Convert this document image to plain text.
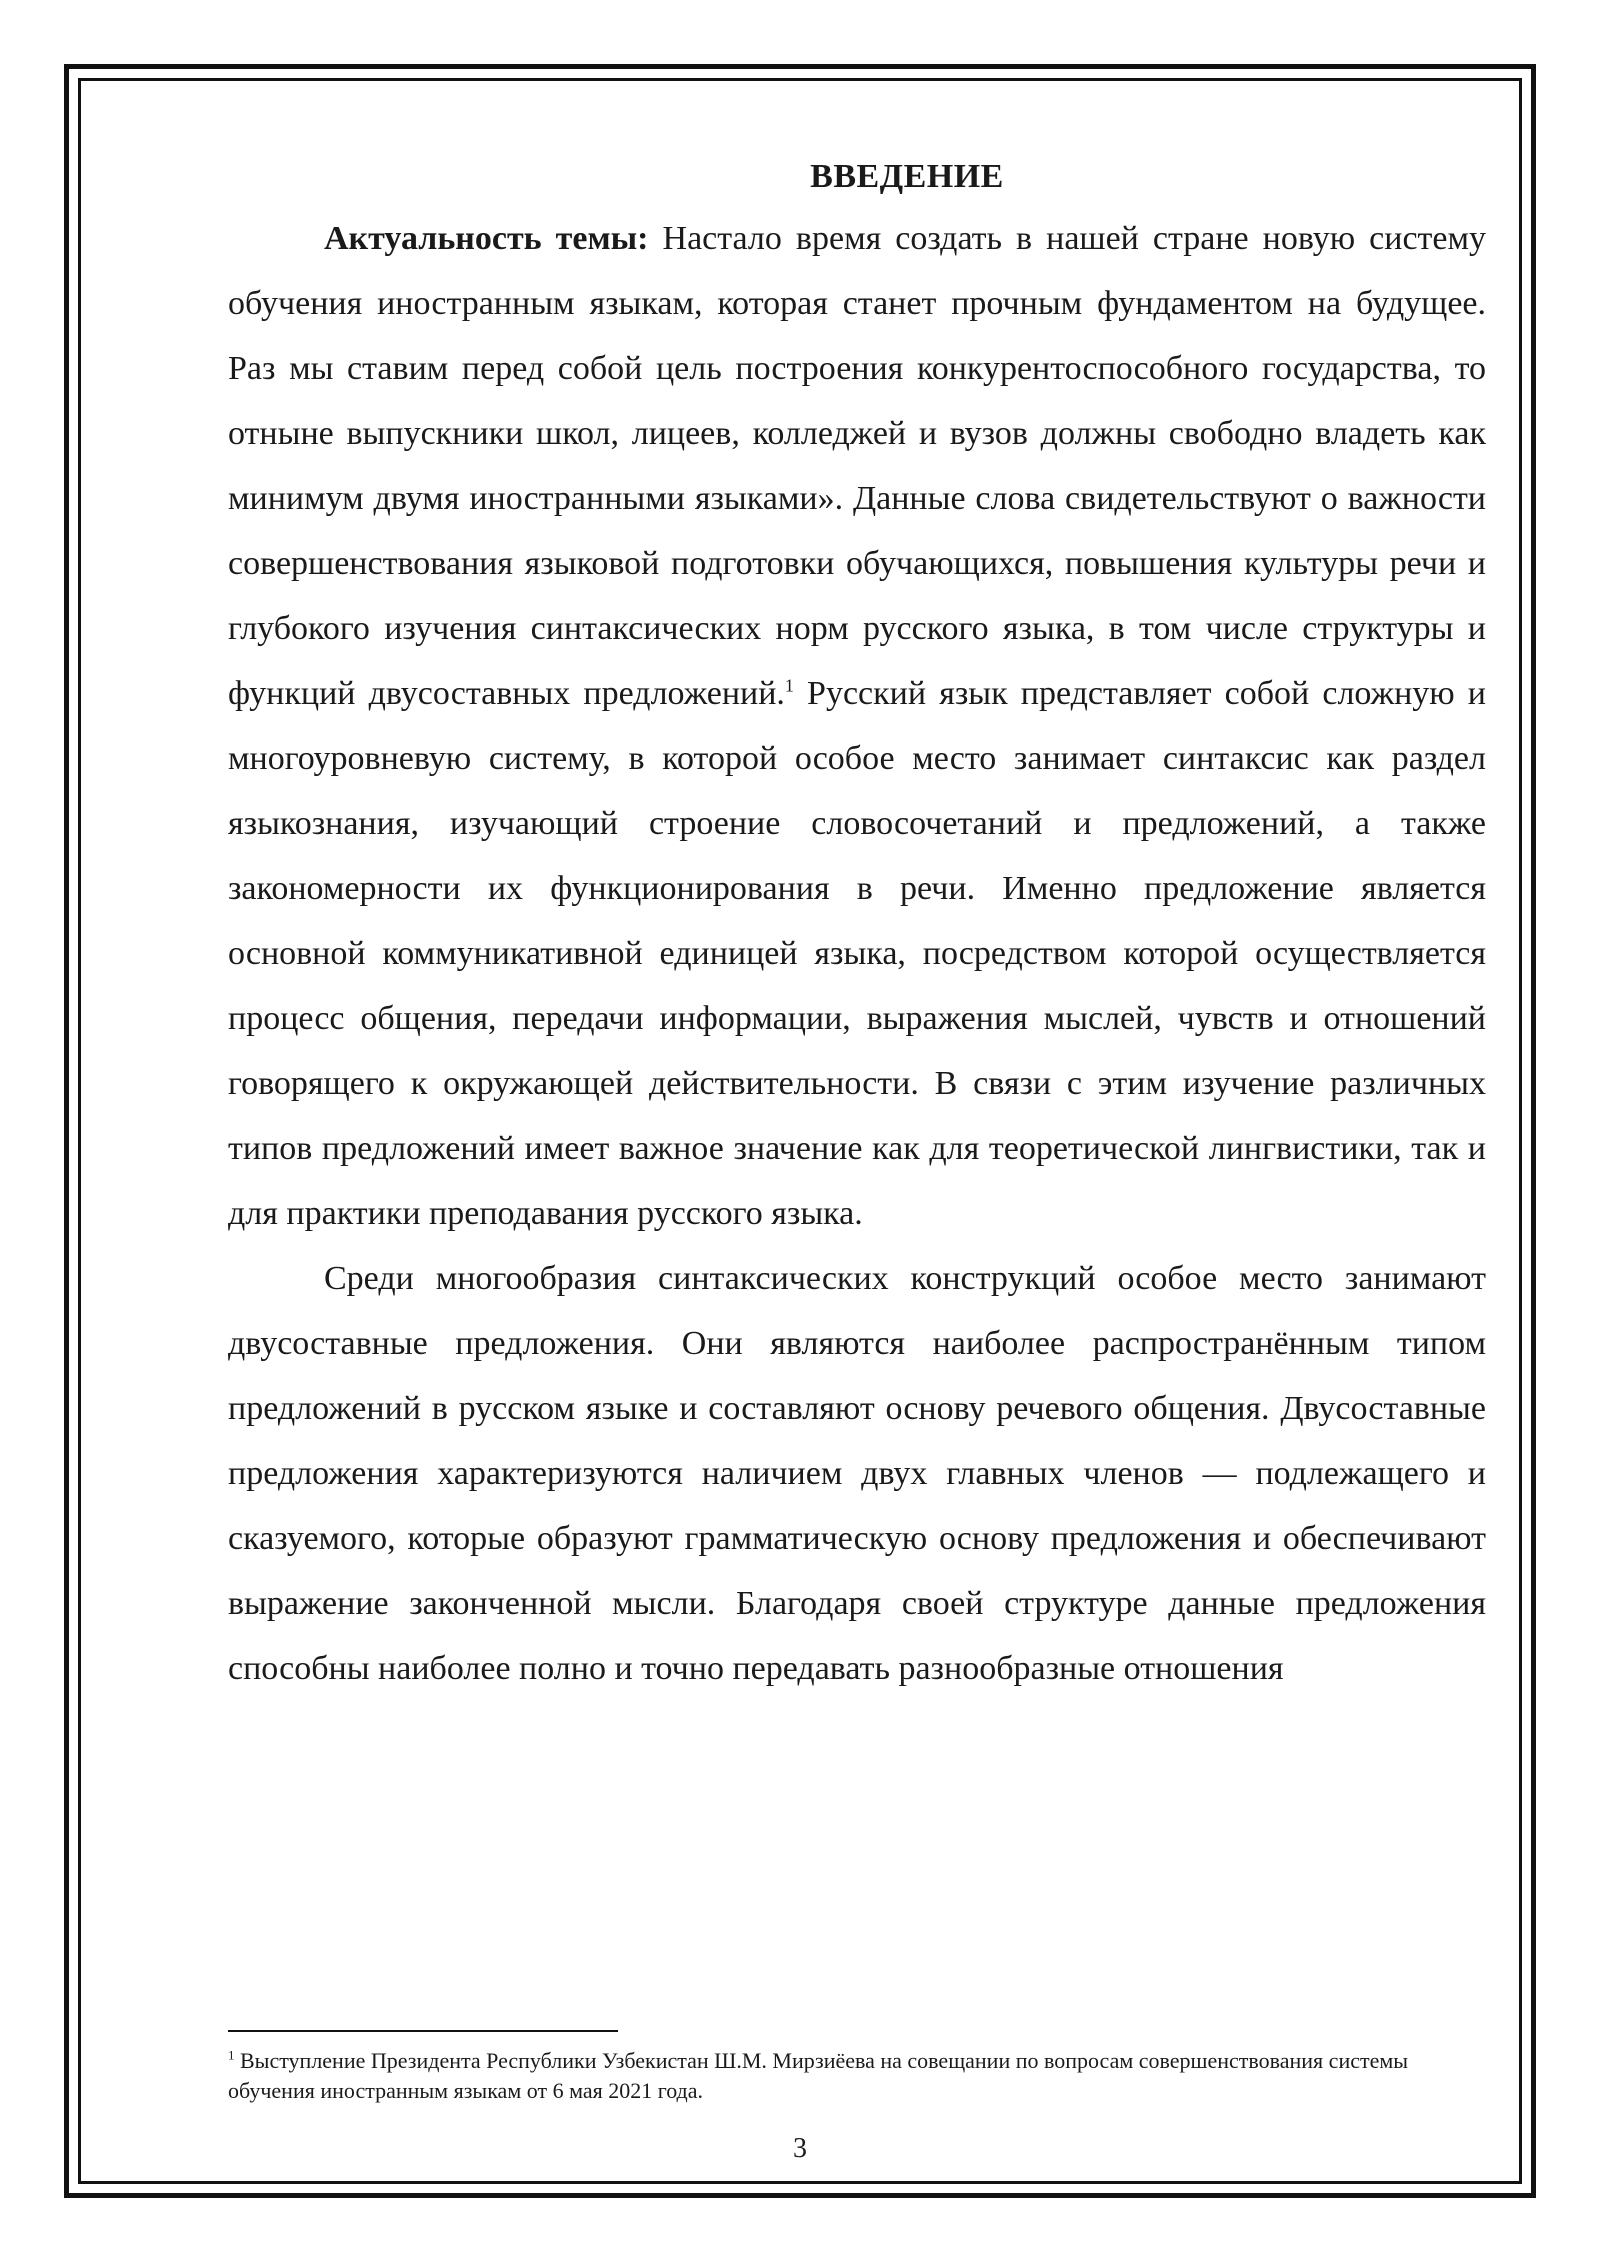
ВВЕДЕНИЕ

Актуальность темы: Настало время создать в нашей стране новую систему обучения иностранным языкам, которая станет прочным фундаментом на будущее. Раз мы ставим перед собой цель построения конкурентоспособного государства, то отныне выпускники школ, лицеев, колледжей и вузов должны свободно владеть как минимум двумя иностранными языками». Данные слова свидетельствуют о важности совершенствования языковой подготовки обучающихся, повышения культуры речи и глубокого изучения синтаксических норм русского языка, в том числе структуры и функций двусоставных предложений.$^1$ Русский язык представляет собой сложную и многоуровневую систему, в которой особое место занимает синтаксис как раздел языкознания, изучающий строение словосочетаний и предложений, а также закономерности их функционирования в речи. Именно предложение является основной коммуникативной единицей языка, посредством которой осуществляется процесс общения, передачи информации, выражения мыслей, чувств и отношений говорящего к окружающей действительности. В связи с этим изучение различных типов предложений имеет важное значение как для теоретической лингвистики, так и для практики преподавания русского языка.

Среди многообразия синтаксических конструкций особое место занимают двусоставные предложения. Они являются наиболее распространённым типом предложений в русском языке и составляют основу речевого общения. Двусоставные предложения характеризуются наличием двух главных членов — подлежащего и сказуемого, которые образуют грамматическую основу предложения и обеспечивают выражение законченной мысли. Благодаря своей структуре данные предложения способны наиболее полно и точно передавать разнообразные отношения

$^1$ Выступление Президента Республики Узбекистан Ш.М. Мирзиёева на совещании по вопросам совершенствования системы обучения иностранным языкам от 6 мая 2021 года.
3
